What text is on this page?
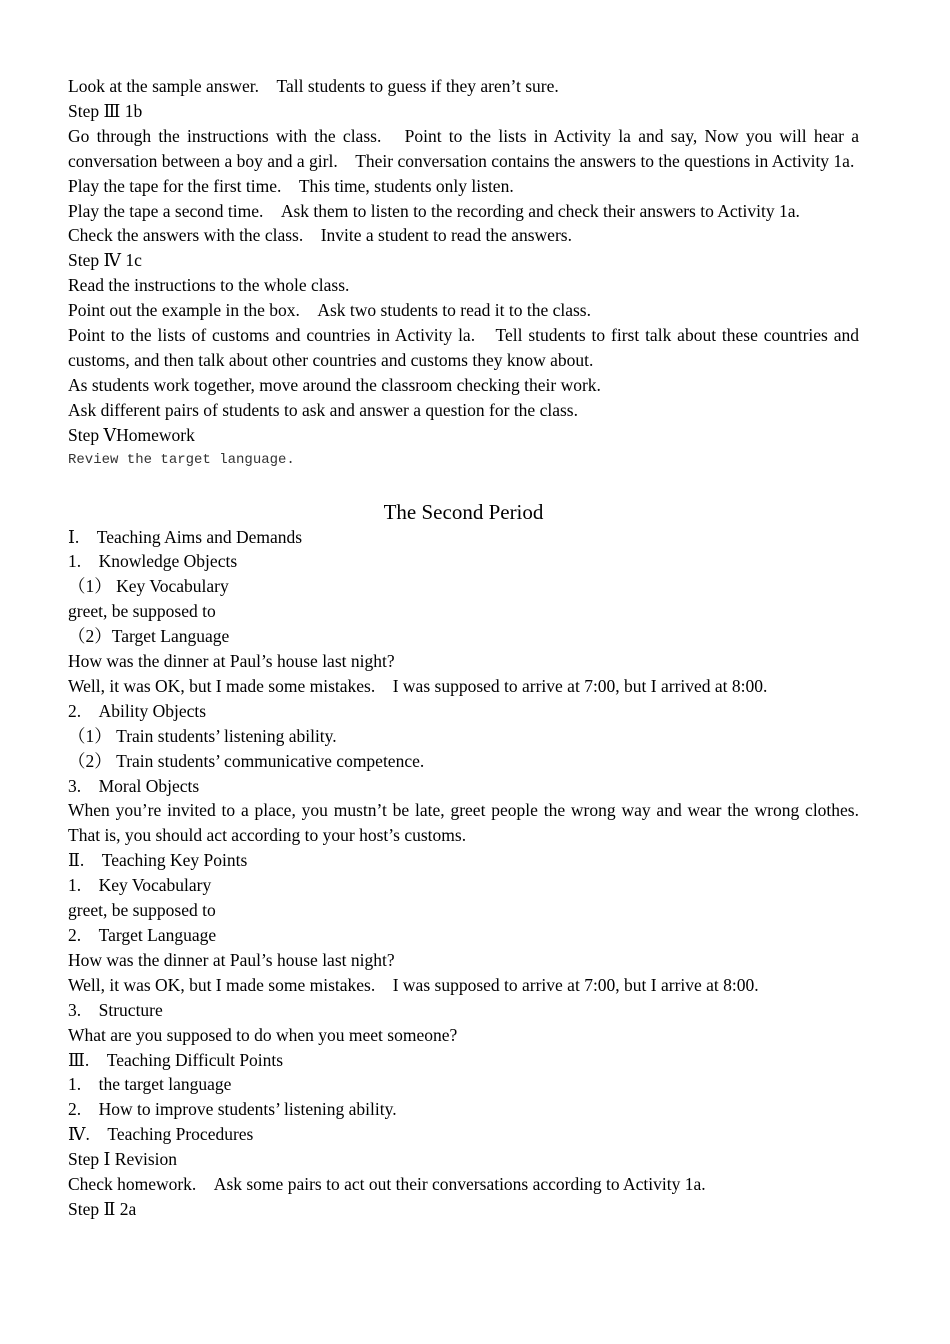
Look at the sample answer.　Tall students to guess if they aren’t sure.

Step Ⅲ 1b

Go through the instructions with the class.　Point to the lists in Activity la and say, Now you will hear a conversation between a boy and a girl.　Their conversation contains the answers to the questions in Activity 1a.

Play the tape for the first time.　This time, students only listen.

Play the tape a second time.　Ask them to listen to the recording and check their answers to Activity 1a.

Check the answers with the class.　Invite a student to read the answers.

Step Ⅳ 1c

Read the instructions to the whole class.

Point out the example in the box.　Ask two students to read it to the class.

Point to the lists of customs and countries in Activity la.　Tell students to first talk about these countries and customs, and then talk about other countries and customs they know about.

As students work together, move around the classroom checking their work.

Ask different pairs of students to ask and answer a question for the class.

Step ⅤHomework

Review the target language.

The Second Period

Ⅰ.　Teaching Aims and Demands

1.　Knowledge Objects

（1） Key Vocabulary

greet, be supposed to

（2）Target Language

How was the dinner at Paul’s house last night?

Well, it was OK, but I made some mistakes.　I was supposed to arrive at 7:00, but I arrived at 8:00.

2.　Ability Objects

（1） Train students’ listening ability.

（2） Train students’ communicative competence.

3.　Moral Objects

When you’re invited to a place, you mustn’t be late, greet people the wrong way and wear the wrong clothes.　That is, you should act according to your host’s customs.

Ⅱ.　Teaching Key Points

1.　Key Vocabulary

greet, be supposed to

2.　Target Language

How was the dinner at Paul’s house last night?

Well, it was OK, but I made some mistakes.　I was supposed to arrive at 7:00, but I arrive at 8:00.

3.　Structure

What are you supposed to do when you meet someone?

Ⅲ.　Teaching Difficult Points

1.　the target language

2.　How to improve students’ listening ability.

Ⅳ.　Teaching Procedures

Step Ⅰ Revision

Check homework.　Ask some pairs to act out their conversations according to Activity 1a.

Step Ⅱ 2a
